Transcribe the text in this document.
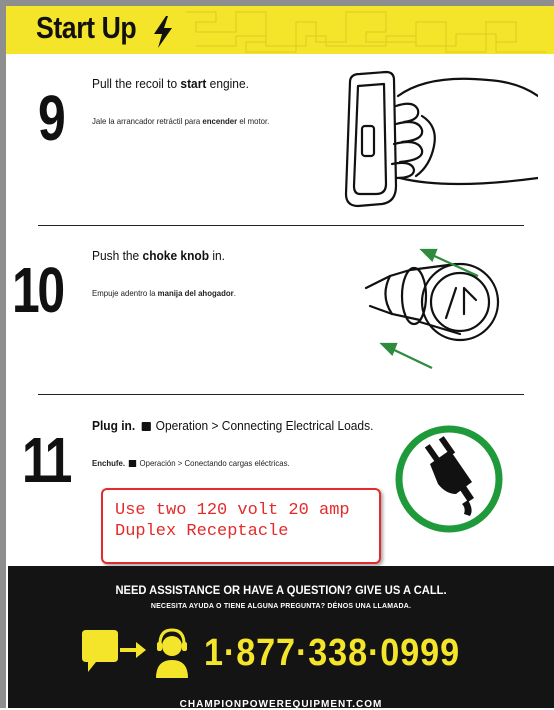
Start Up
9 Pull the recoil to start engine.
Jale la arrancador retráctil para encender el motor.
10 Push the choke knob in.
Empuje adentro la manija del ahogador.
11 Plug in.  Operation > Connecting Electrical Loads.
Enchufe.  Operación > Conectando cargas eléctricas.
Use two 120 volt 20 amp Duplex Receptacle
NEED ASSISTANCE OR HAVE A QUESTION? GIVE US A CALL.
NECESITA AYUDA O TIENE ALGUNA PREGUNTA? DÉNOS UNA LLAMADA.
1·877·338·0999
CHAMPIONPOWEREQUIPMENT.COM
